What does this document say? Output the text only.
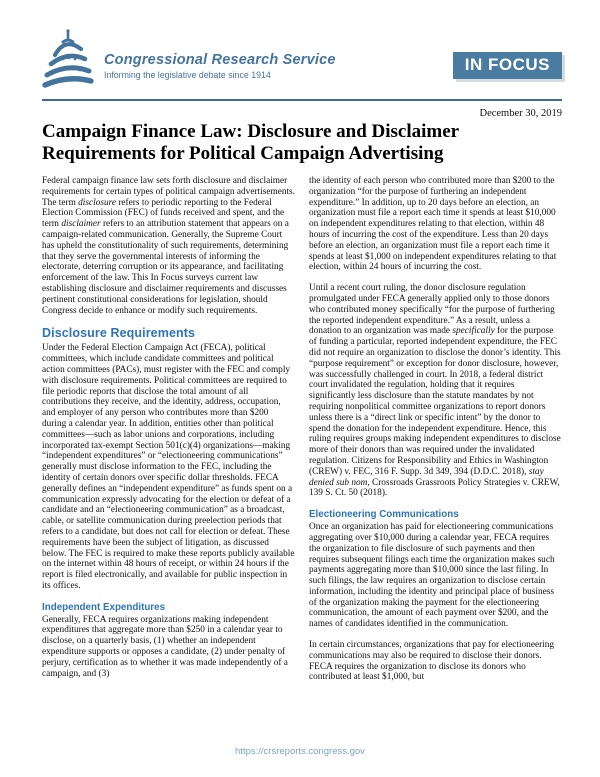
Congressional Research Service
Informing the legislative debate since 1914
IN FOCUS
December 30, 2019
Campaign Finance Law: Disclosure and Disclaimer Requirements for Political Campaign Advertising

Federal campaign finance law sets forth disclosure and disclaimer requirements for certain types of political campaign advertisements. The term disclosure refers to periodic reporting to the Federal Election Commission (FEC) of funds received and spent, and the term disclaimer refers to an attribution statement that appears on a campaign-related communication. Generally, the Supreme Court has upheld the constitutionality of such requirements, determining that they serve the governmental interests of informing the electorate, deterring corruption or its appearance, and facilitating enforcement of the law. This In Focus surveys current law establishing disclosure and disclaimer requirements and discusses pertinent constitutional considerations for legislation, should Congress decide to enhance or modify such requirements.

Disclosure Requirements

Under the Federal Election Campaign Act (FECA), political committees, which include candidate committees and political action committees (PACs), must register with the FEC and comply with disclosure requirements. Political committees are required to file periodic reports that disclose the total amount of all contributions they receive, and the identity, address, occupation, and employer of any person who contributes more than $200 during a calendar year. In addition, entities other than political committees—such as labor unions and corporations, including incorporated tax-exempt Section 501(c)(4) organizations—making “independent expenditures” or “electioneering communications” generally must disclose information to the FEC, including the identity of certain donors over specific dollar thresholds. FECA generally defines an “independent expenditure” as funds spent on a communication expressly advocating for the election or defeat of a candidate and an “electioneering communication” as a broadcast, cable, or satellite communication during preelection periods that refers to a candidate, but does not call for election or defeat. These requirements have been the subject of litigation, as discussed below. The FEC is required to make these reports publicly available on the internet within 48 hours of receipt, or within 24 hours if the report is filed electronically, and available for public inspection in its offices.

Independent Expenditures

Generally, FECA requires organizations making independent expenditures that aggregate more than $250 in a calendar year to disclose, on a quarterly basis, (1) whether an independent expenditure supports or opposes a candidate, (2) under penalty of perjury, certification as to whether it was made independently of a campaign, and (3)

the identity of each person who contributed more than $200 to the organization “for the purpose of furthering an independent expenditure.” In addition, up to 20 days before an election, an organization must file a report each time it spends at least $10,000 on independent expenditures relating to that election, within 48 hours of incurring the cost of the expenditure. Less than 20 days before an election, an organization must file a report each time it spends at least $1,000 on independent expenditures relating to that election, within 24 hours of incurring the cost.

Until a recent court ruling, the donor disclosure regulation promulgated under FECA generally applied only to those donors who contributed money specifically “for the purpose of furthering the reported independent expenditure.” As a result, unless a donation to an organization was made specifically for the purpose of funding a particular, reported independent expenditure, the FEC did not require an organization to disclose the donor’s identity. This “purpose requirement” or exception for donor disclosure, however, was successfully challenged in court. In 2018, a federal district court invalidated the regulation, holding that it requires significantly less disclosure than the statute mandates by not requiring nonpolitical committee organizations to report donors unless there is a “direct link or specific intent” by the donor to spend the donation for the independent expenditure. Hence, this ruling requires groups making independent expenditures to disclose more of their donors than was required under the invalidated regulation. Citizens for Responsibility and Ethics in Washington (CREW) v. FEC, 316 F. Supp. 3d 349, 394 (D.D.C. 2018), stay denied sub nom, Crossroads Grassroots Policy Strategies v. CREW, 139 S. Ct. 50 (2018).

Electioneering Communications

Once an organization has paid for electioneering communications aggregating over $10,000 during a calendar year, FECA requires the organization to file disclosure of such payments and then requires subsequent filings each time the organization makes such payments aggregating more than $10,000 since the last filing. In such filings, the law requires an organization to disclose certain information, including the identity and principal place of business of the organization making the payment for the electioneering communication, the amount of each payment over $200, and the names of candidates identified in the communication.

In certain circumstances, organizations that pay for electioneering communications may also be required to disclose their donors. FECA requires the organization to disclose its donors who contributed at least $1,000, but

https://crsreports.congress.gov
